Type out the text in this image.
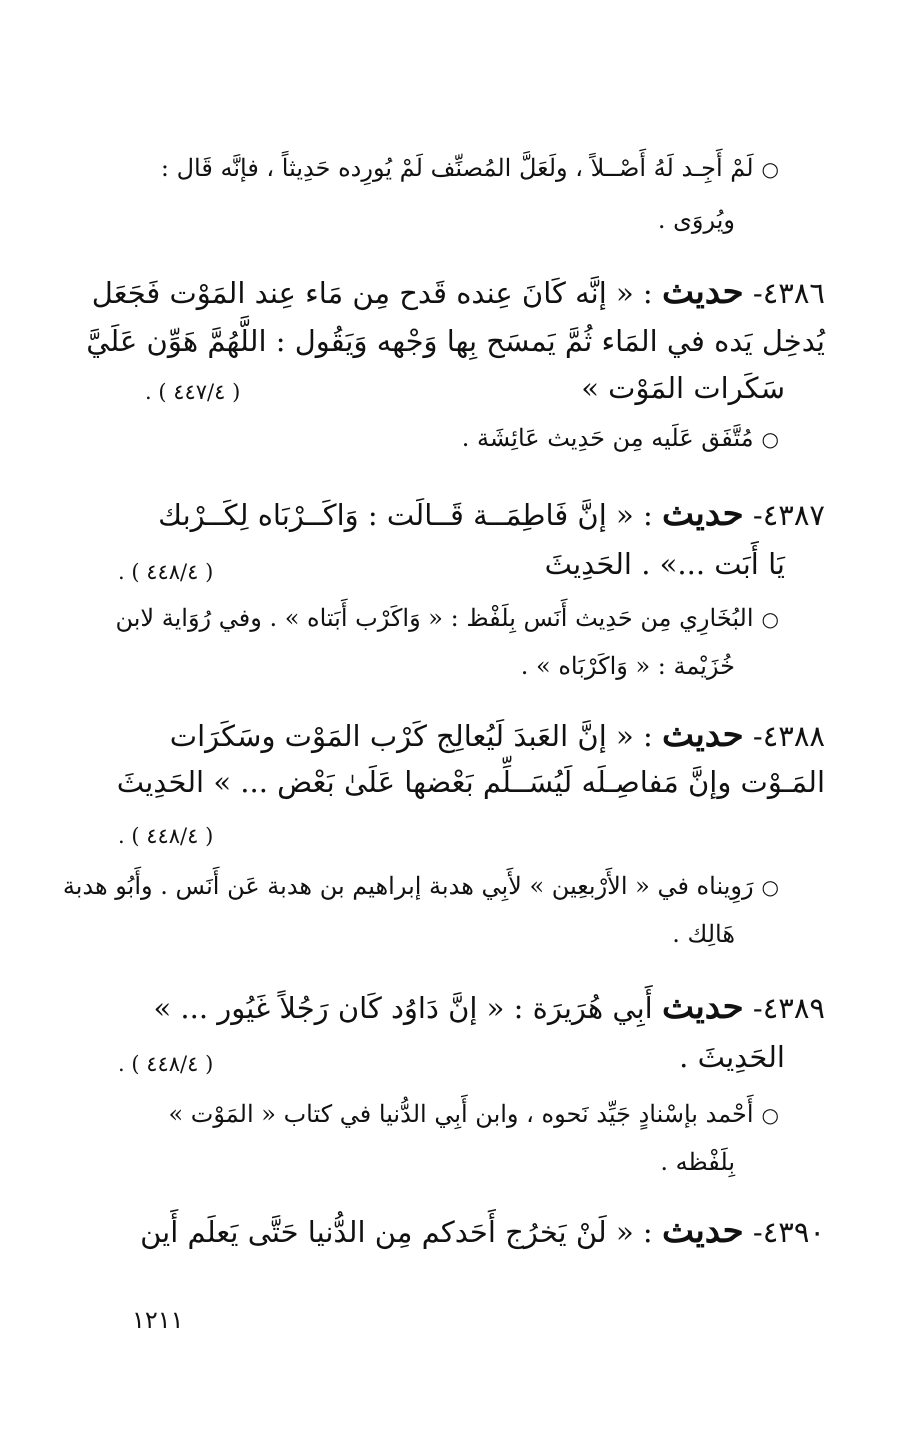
○لَمْ أَجِـد لَهُ أَصْــلاً ، ولَعَلَّ المُصنِّف لَمْ يُورِده حَدِيثاً ، فإنَّه قَال :
ويُروَى .
٤٣٨٦- حديث : « إنَّه كَانَ عِنده قَدح مِن مَاء عِند المَوْت فَجَعَل
يُدخِل يَده في المَاء ثُمَّ يَمسَح بِها وَجْهه وَيَقُول : اللَّهُمَّ هَوِّن عَلَيَّ
سَكَرات المَوْت »
( ٤٤٧/٤ ) .
○مُتَّفَق عَلَيه مِن حَدِيث عَائِشَة .
٤٣٨٧- حديث : « إنَّ فَاطِمَــة قَــالَت : وَاكَــرْبَاه لِكَــرْبك
يَا أَبَت ...» . الحَدِيثَ
( ٤٤٨/٤ ) .
○البُخَارِي مِن حَدِيث أَنَس بِلَفْظ : « وَاكَرْب أَبَتاه » . وفي رُوَاية لابن
خُزَيْمة : « وَاكَرْبَاه » .
٤٣٨٨- حديث : « إنَّ العَبدَ لَيُعالِج كَرْب المَوْت وسَكَرَات
المَـوْت وإنَّ مَفاصِـلَه لَيُسَــلِّم بَعْضها عَلَىٰ بَعْض ... » الحَدِيثَ
( ٤٤٨/٤ ) .
○رَوِيناه في « الأَرْبعِين » لأَبِي هدبة إبراهيم بن هدبة عَن أَنَس . وأَبُو هدبة
هَالِك .
٤٣٨٩- حديث أَبِي هُرَيرَة : « إنَّ دَاوُد كَان رَجُلاً غَيُور ... »
الحَدِيثَ .
( ٤٤٨/٤ ) .
○أَحْمد بإسْنادٍ جَيِّد نَحوه ، وابن أَبِي الدُّنيا في كتاب « المَوْت »
بِلَفْظه .
٤٣٩٠- حديث : « لَنْ يَخرُج أَحَدكم مِن الدُّنيا حَتَّى يَعلَم أَين
١٢١١
